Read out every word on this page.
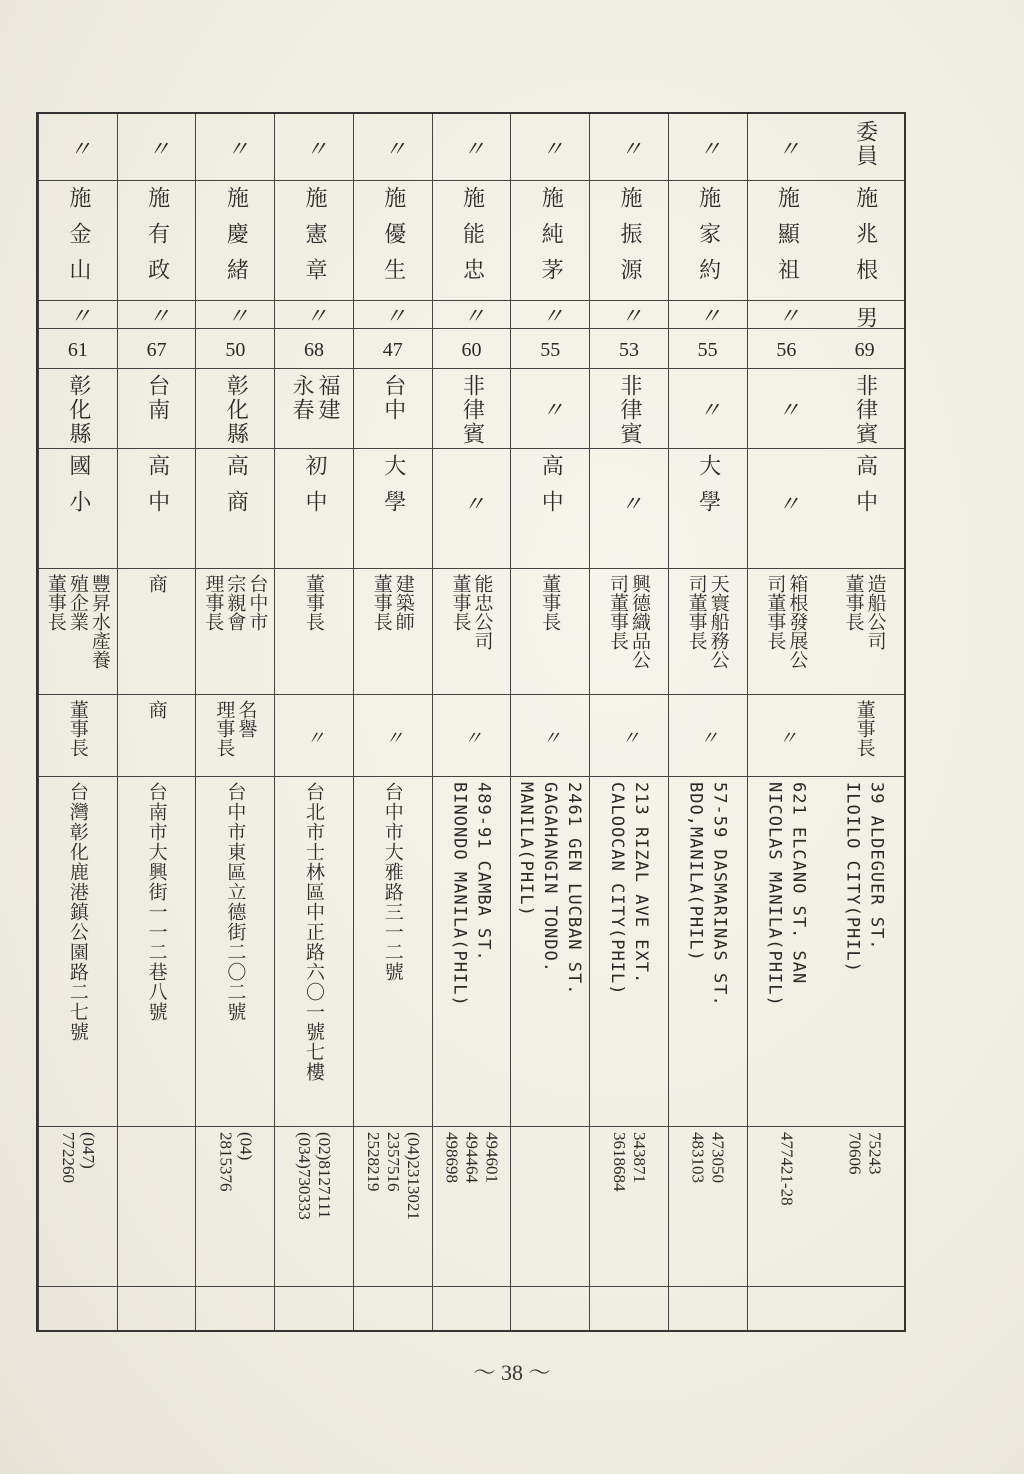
委員
施兆根
男
69
非律賓
高中
造船公司
董事長
董事長
39 ALDEGUER ST.
ILOILO CITY(PHIL)
75243
70606
〃
施顯祖
〃
56
〃
〃
箱根發展公
司董事長
〃
621 ELCANO ST. SAN
NICOLAS MANILA(PHIL)
477421-28
〃
施家約
〃
55
〃
大學
天寰船務公
司董事長
〃
57-59 DASMARINAS ST.
BDO,MANILA(PHIL)
473050
483103
〃
施振源
〃
53
非律賓
〃
興德織品公
司董事長
〃
213 RIZAL AVE EXT.
CALOOCAN CITY(PHIL)
343871
3618684
〃
施純茅
〃
55
〃
高中
董事長
〃
2461 GEN LUCBAN ST.
GAGAHANGIN TONDO.
MANILA(PHIL)
〃
施能忠
〃
60
非律賓
〃
能忠公司
董事長
〃
489-91 CAMBA ST.
BINONDO MANILA(PHIL)
494601
494464
498698
〃
施優生
〃
47
台中
大學
建築師
董事長
〃
台中市大雅路三一二號
(04)2313021
2357516
2528219
〃
施憲章
〃
68
福建
永春
初中
董事長
〃
台北市士林區中正路六〇一號七樓
(02)8127111
(034)730333
〃
施慶緒
〃
50
彰化縣
高商
台中市
宗親會
理事長
名譽
理事長
台中市東區立德街二〇二號
(04)
2815376
〃
施有政
〃
67
台南
高中
商
商
台南市大興街一一二巷八號
〃
施金山
〃
61
彰化縣
國小
豐昇水產養
殖企業
董事長
董事長
台灣彰化鹿港鎮公園路二七號
(047)
772260
～ 38 ～
